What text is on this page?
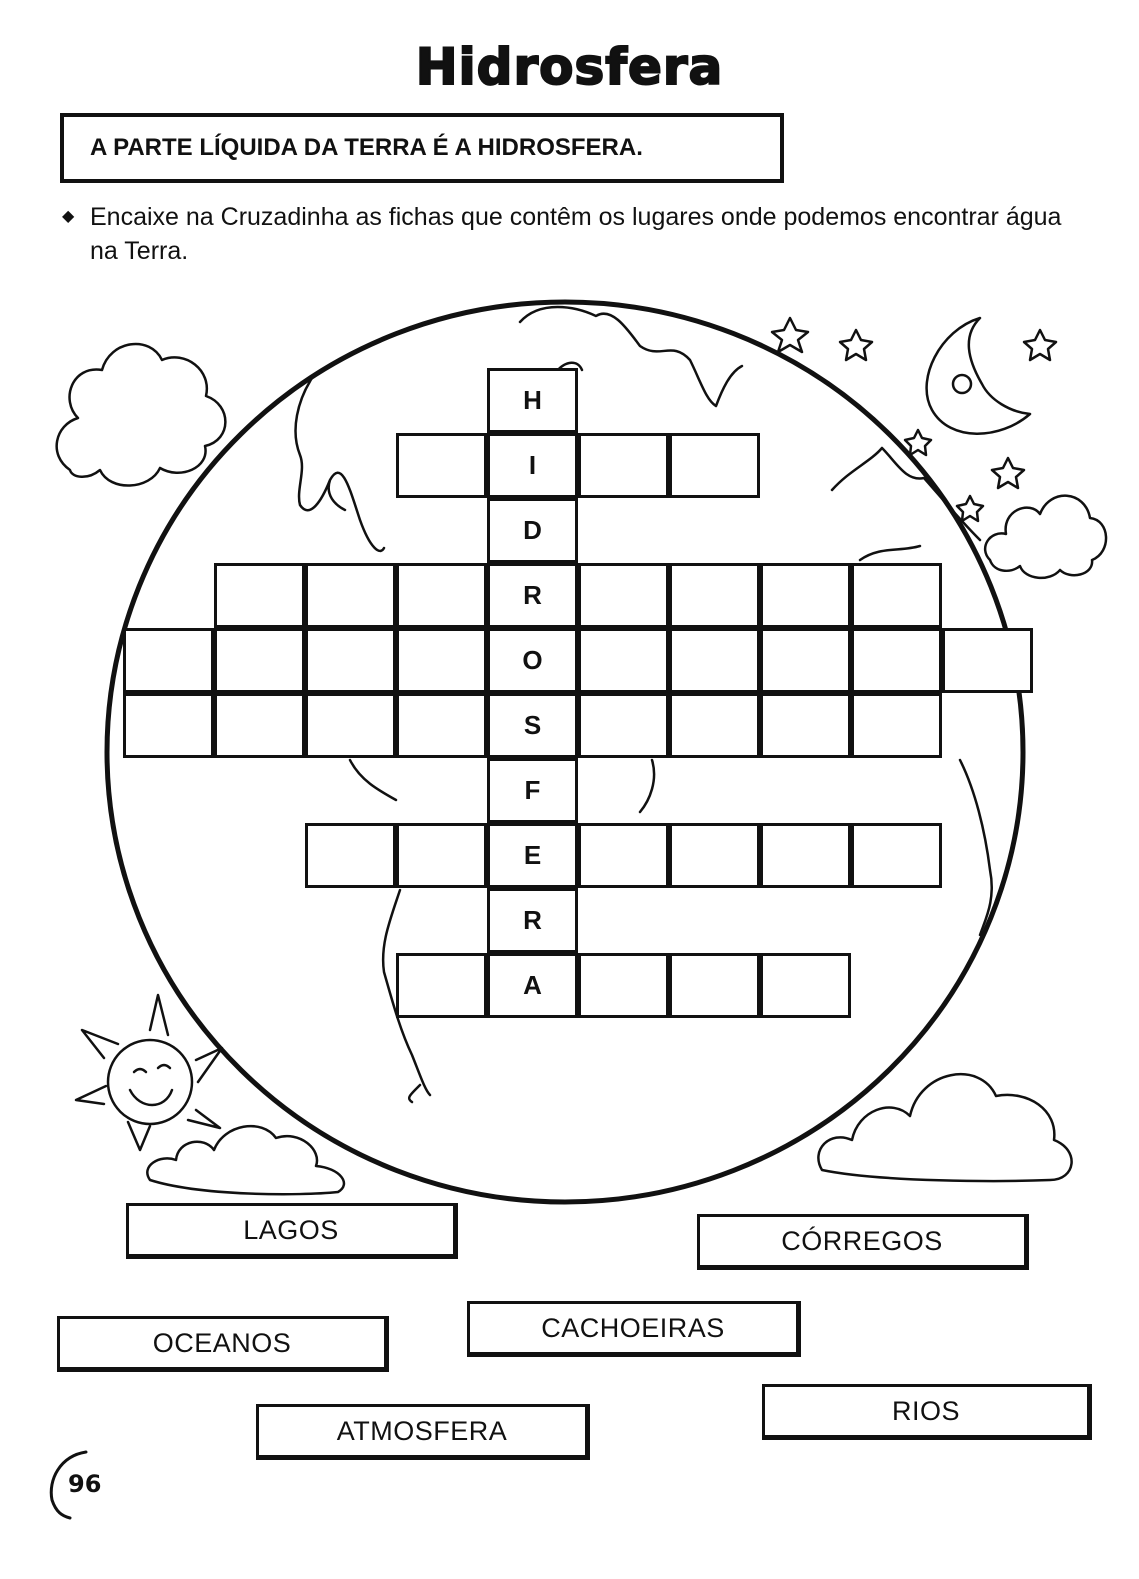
Hidrosfera
A PARTE LÍQUIDA DA TERRA É A HIDROSFERA.
◆ Encaixe na Cruzadinha as fichas que contêm os lugares onde podemos encontrar água na Terra.
H
I
D
R
O
S
F
E
R
A
LAGOS	CÓRREGOS
OCEANOS	CACHOEIRAS
RIOS
ATMOSFERA
96
